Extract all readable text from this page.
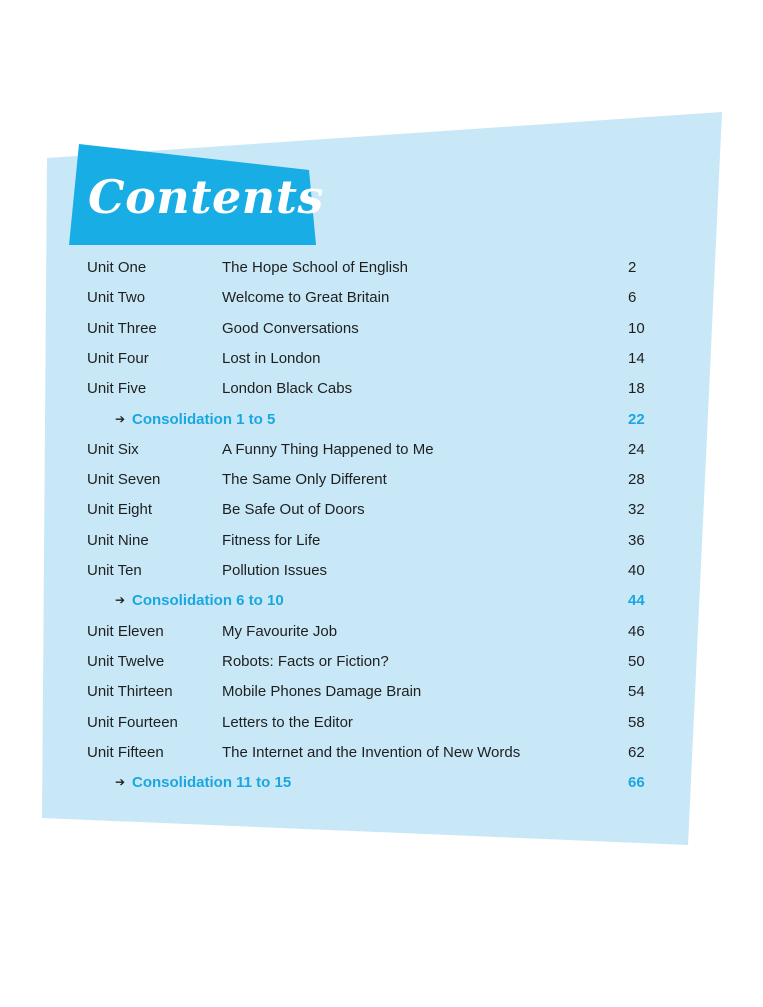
Contents
Unit One	The Hope School of English	2
Unit Two	Welcome to Great Britain	6
Unit Three	Good Conversations	10
Unit Four	Lost in London	14
Unit Five	London Black Cabs	18
➔ Consolidation 1 to 5	22
Unit Six	A Funny Thing Happened to Me	24
Unit Seven	The Same Only Different	28
Unit Eight	Be Safe Out of Doors	32
Unit Nine	Fitness for Life	36
Unit Ten	Pollution Issues	40
➔ Consolidation 6 to 10	44
Unit Eleven	My Favourite Job	46
Unit Twelve	Robots: Facts or Fiction?	50
Unit Thirteen	Mobile Phones Damage Brain	54
Unit Fourteen	Letters to the Editor	58
Unit Fifteen	The Internet and the Invention of New Words	62
➔ Consolidation 11 to 15	66
